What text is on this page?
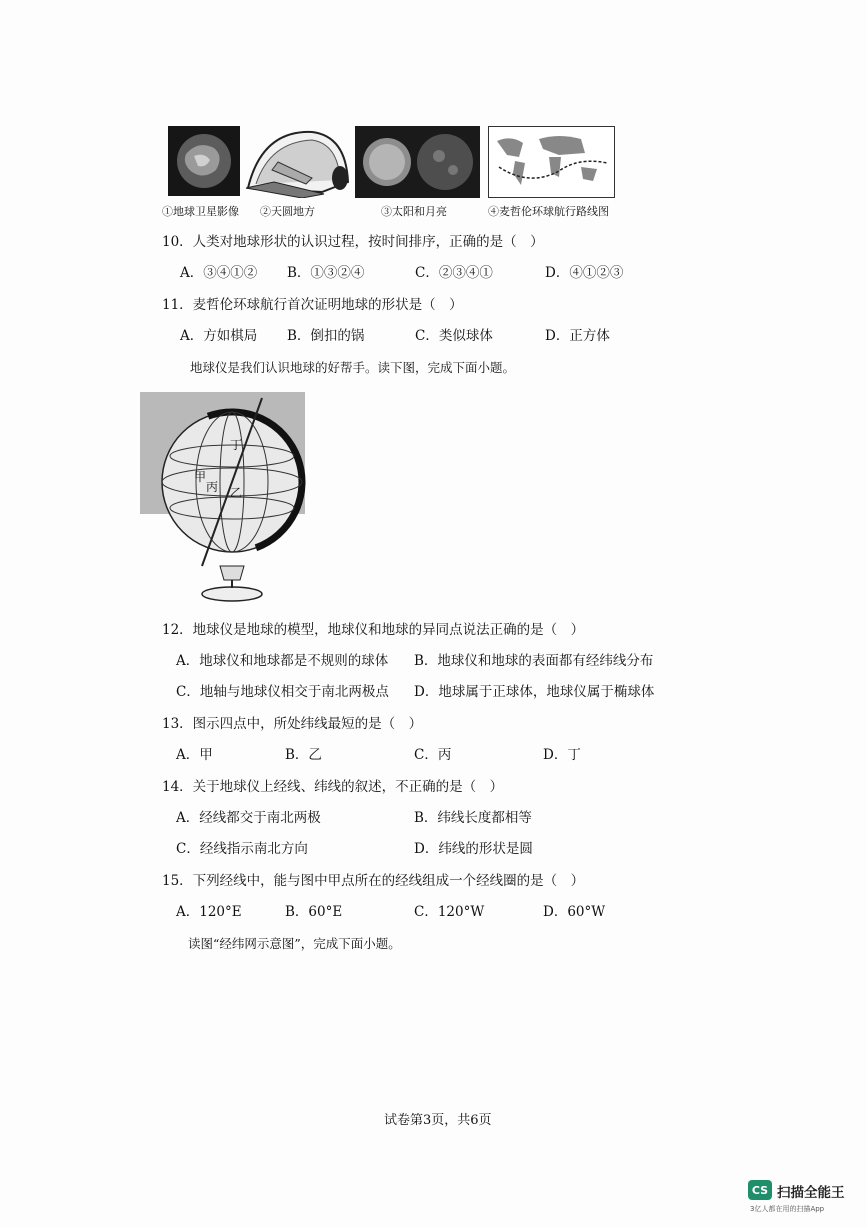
①地球卫星影像 ②天圆地方	③太阳和月亮	④麦哲伦环球航行路线图
10．人类对地球形状的认识过程，按时间排序，正确的是（　）
A．③④①② B．①③②④	C．②③④①	D．④①②③
11．麦哲伦环球航行首次证明地球的形状是（　）
A．方如棋局 B．倒扣的锅	C．类似球体	D．正方体
地球仪是我们认识地球的好帮手。读下图，完成下面小题。
丁
甲
丙 乙
12．地球仪是地球的模型，地球仪和地球的异同点说法正确的是（　）
A．地球仪和地球都是不规则的球体 B．地球仪和地球的表面都有经纬线分布
C．地轴与地球仪相交于南北两极点 D．地球属于正球体，地球仪属于椭球体
13．图示四点中，所处纬线最短的是（　）
A．甲	B．乙	C．丙	D．丁
14．关于地球仪上经线、纬线的叙述，不正确的是（　）
A．经线都交于南北两极	B．纬线长度都相等
C．经线指示南北方向	D．纬线的形状是圆
15．下列经线中，能与图中甲点所在的经线组成一个经线圈的是（　）
A．120°E	B．60°E	C．120°W	D．60°W
读图“经纬网示意图”，完成下面小题。
试卷第3页，共6页
CS 扫描全能王
3亿人都在用的扫描App
